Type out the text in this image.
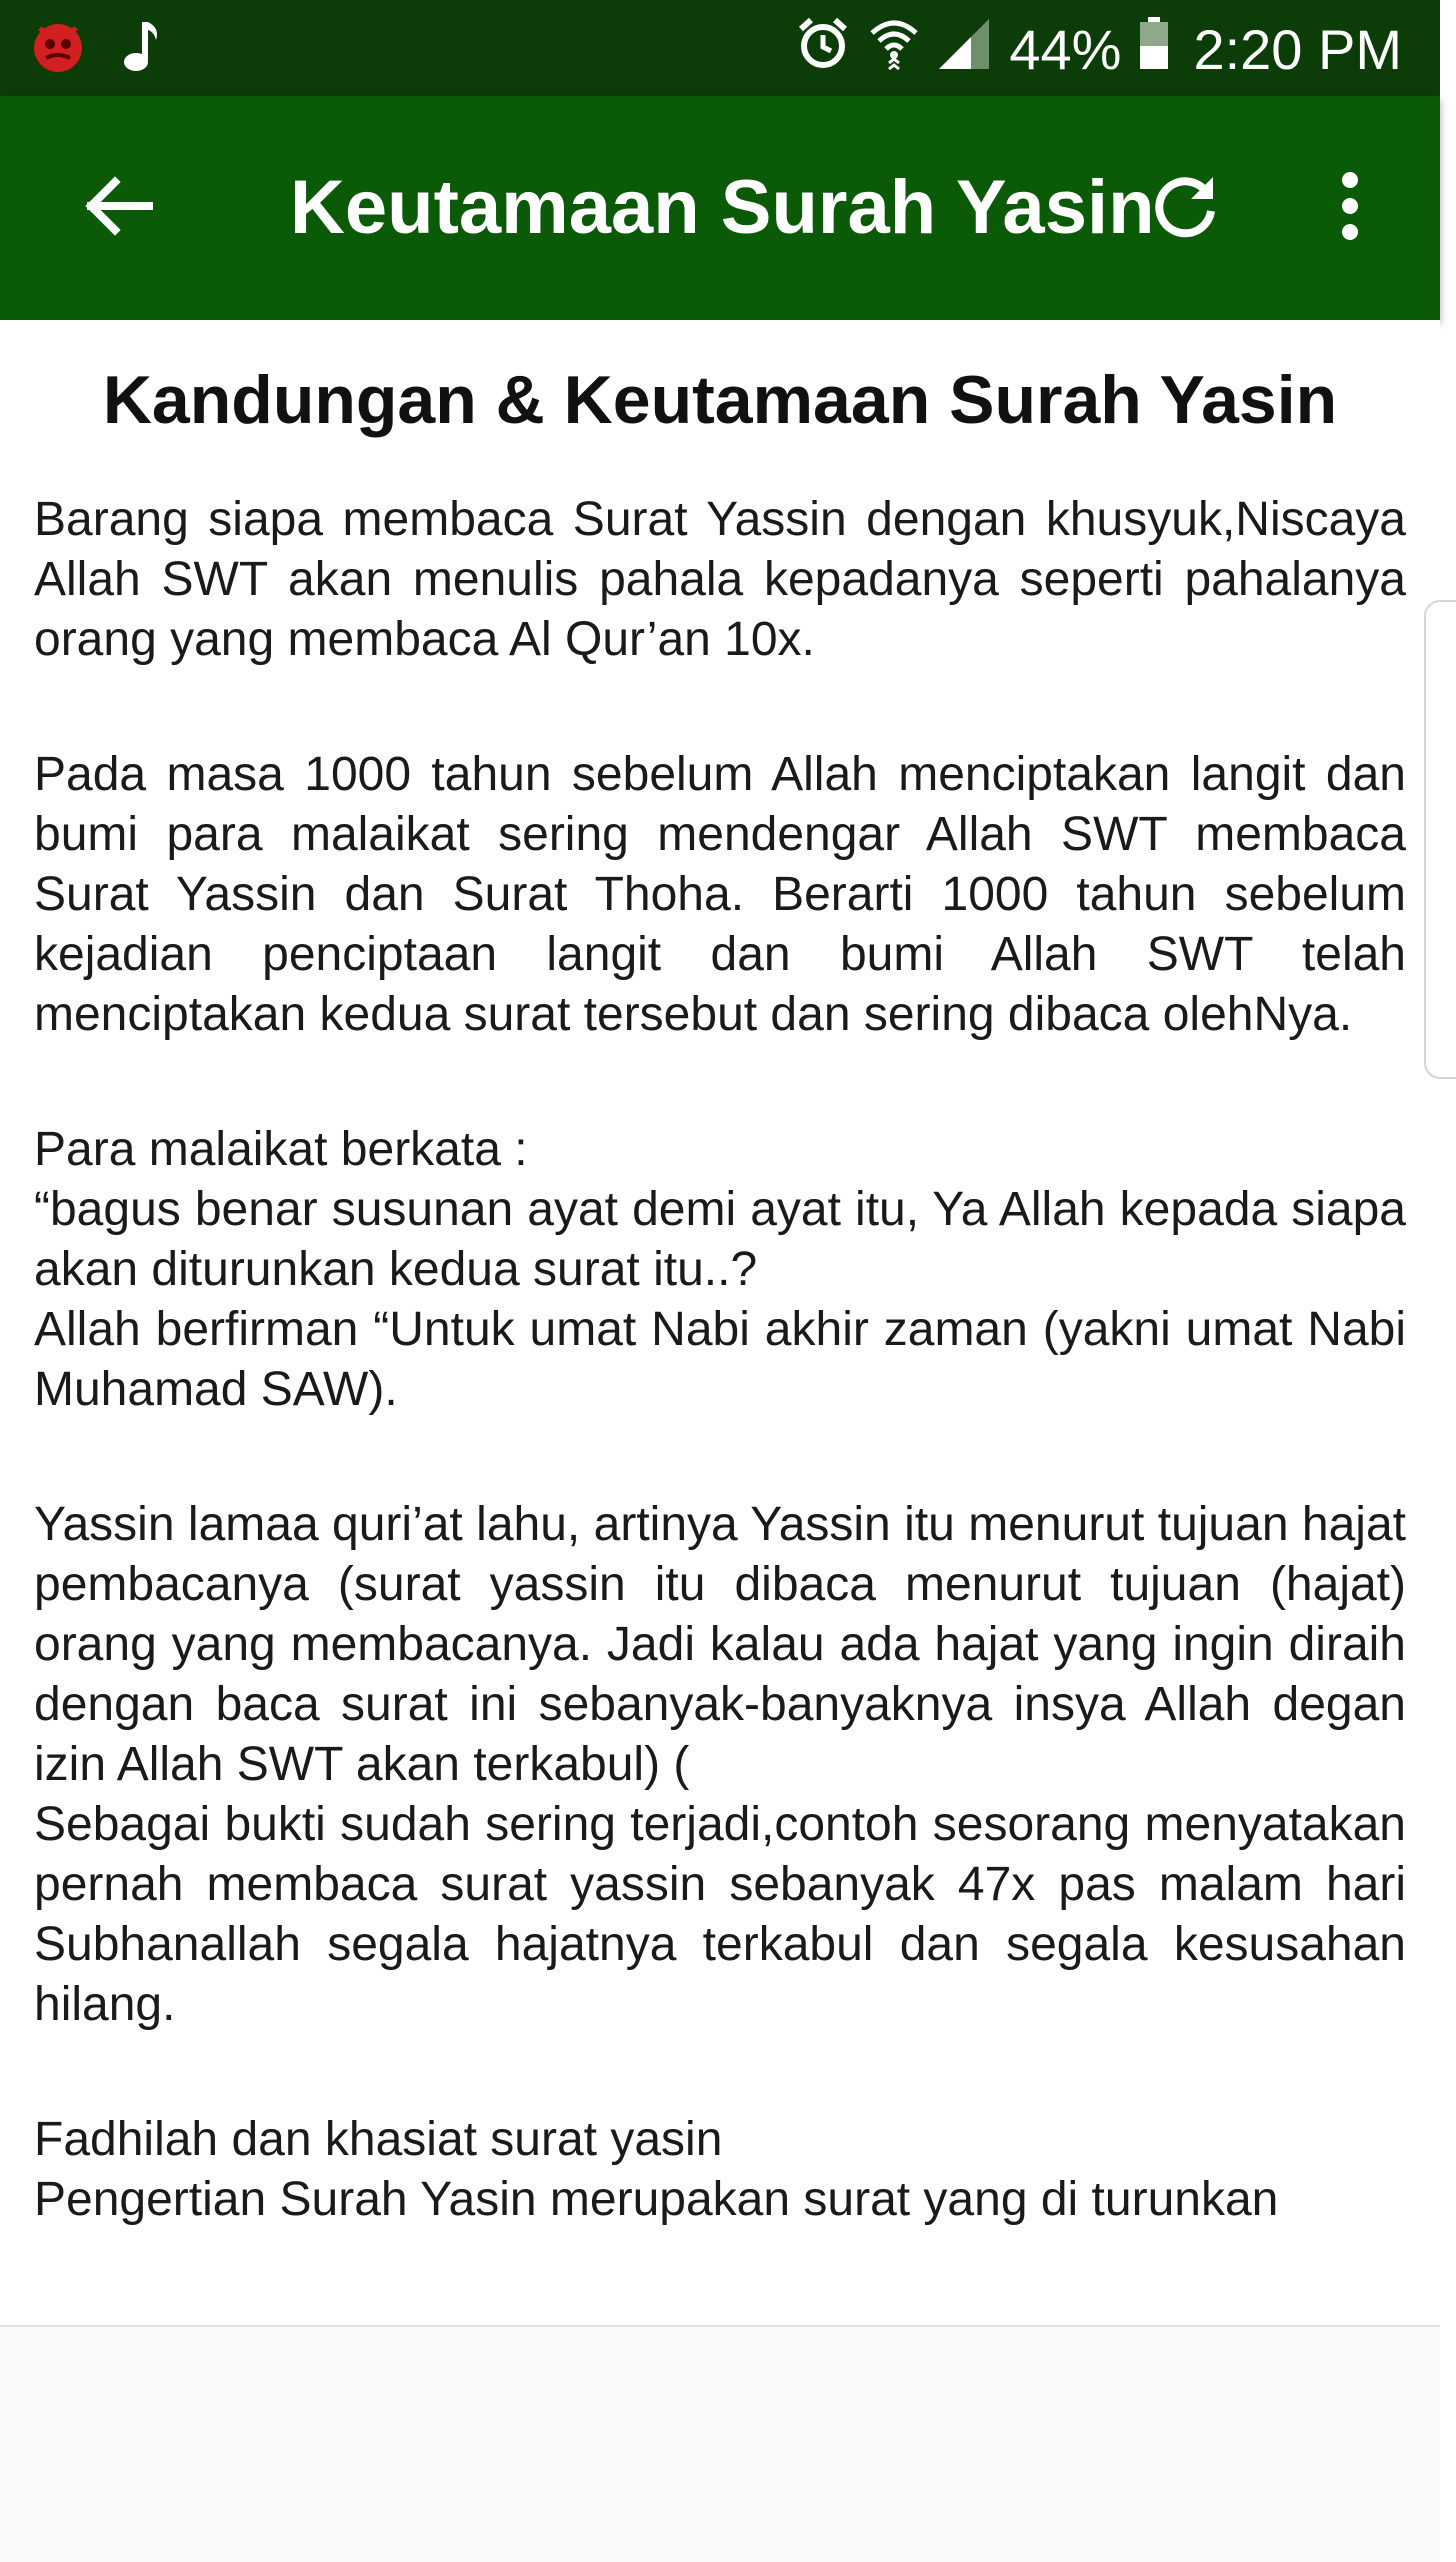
44% 2:20 PM
Keutamaan Surah Yasin
Kandungan & Keutamaan Surah Yasin

Barang siapa membaca Surat Yassin dengan khusyuk,Niscaya Allah SWT akan menulis pahala kepadanya seperti pahalanya orang yang membaca Al Qur’an 10x.

Pada masa 1000 tahun sebelum Allah menciptakan langit dan bumi para malaikat sering mendengar Allah SWT membaca Surat Yassin dan Surat Thoha. Berarti 1000 tahun sebelum kejadian penciptaan langit dan bumi Allah SWT telah menciptakan kedua surat tersebut dan sering dibaca olehNya.

Para malaikat berkata :
“bagus benar susunan ayat demi ayat itu, Ya Allah kepada siapa akan diturunkan kedua surat itu..?
Allah berfirman “Untuk umat Nabi akhir zaman (yakni umat Nabi Muhamad SAW).

Yassin lamaa quri’at lahu, artinya Yassin itu menurut tujuan hajat pembacanya (surat yassin itu dibaca menurut tujuan (hajat) orang yang membacanya. Jadi kalau ada hajat yang ingin diraih dengan baca surat ini sebanyak-banyaknya insya Allah degan izin Allah SWT akan terkabul) (
Sebagai bukti sudah sering terjadi,contoh sesorang menyatakan pernah membaca surat yassin sebanyak 47x pas malam hari Subhanallah segala hajatnya terkabul dan segala kesusahan hilang.

Fadhilah dan khasiat surat yasin
Pengertian Surah Yasin merupakan surat yang di turunkan
